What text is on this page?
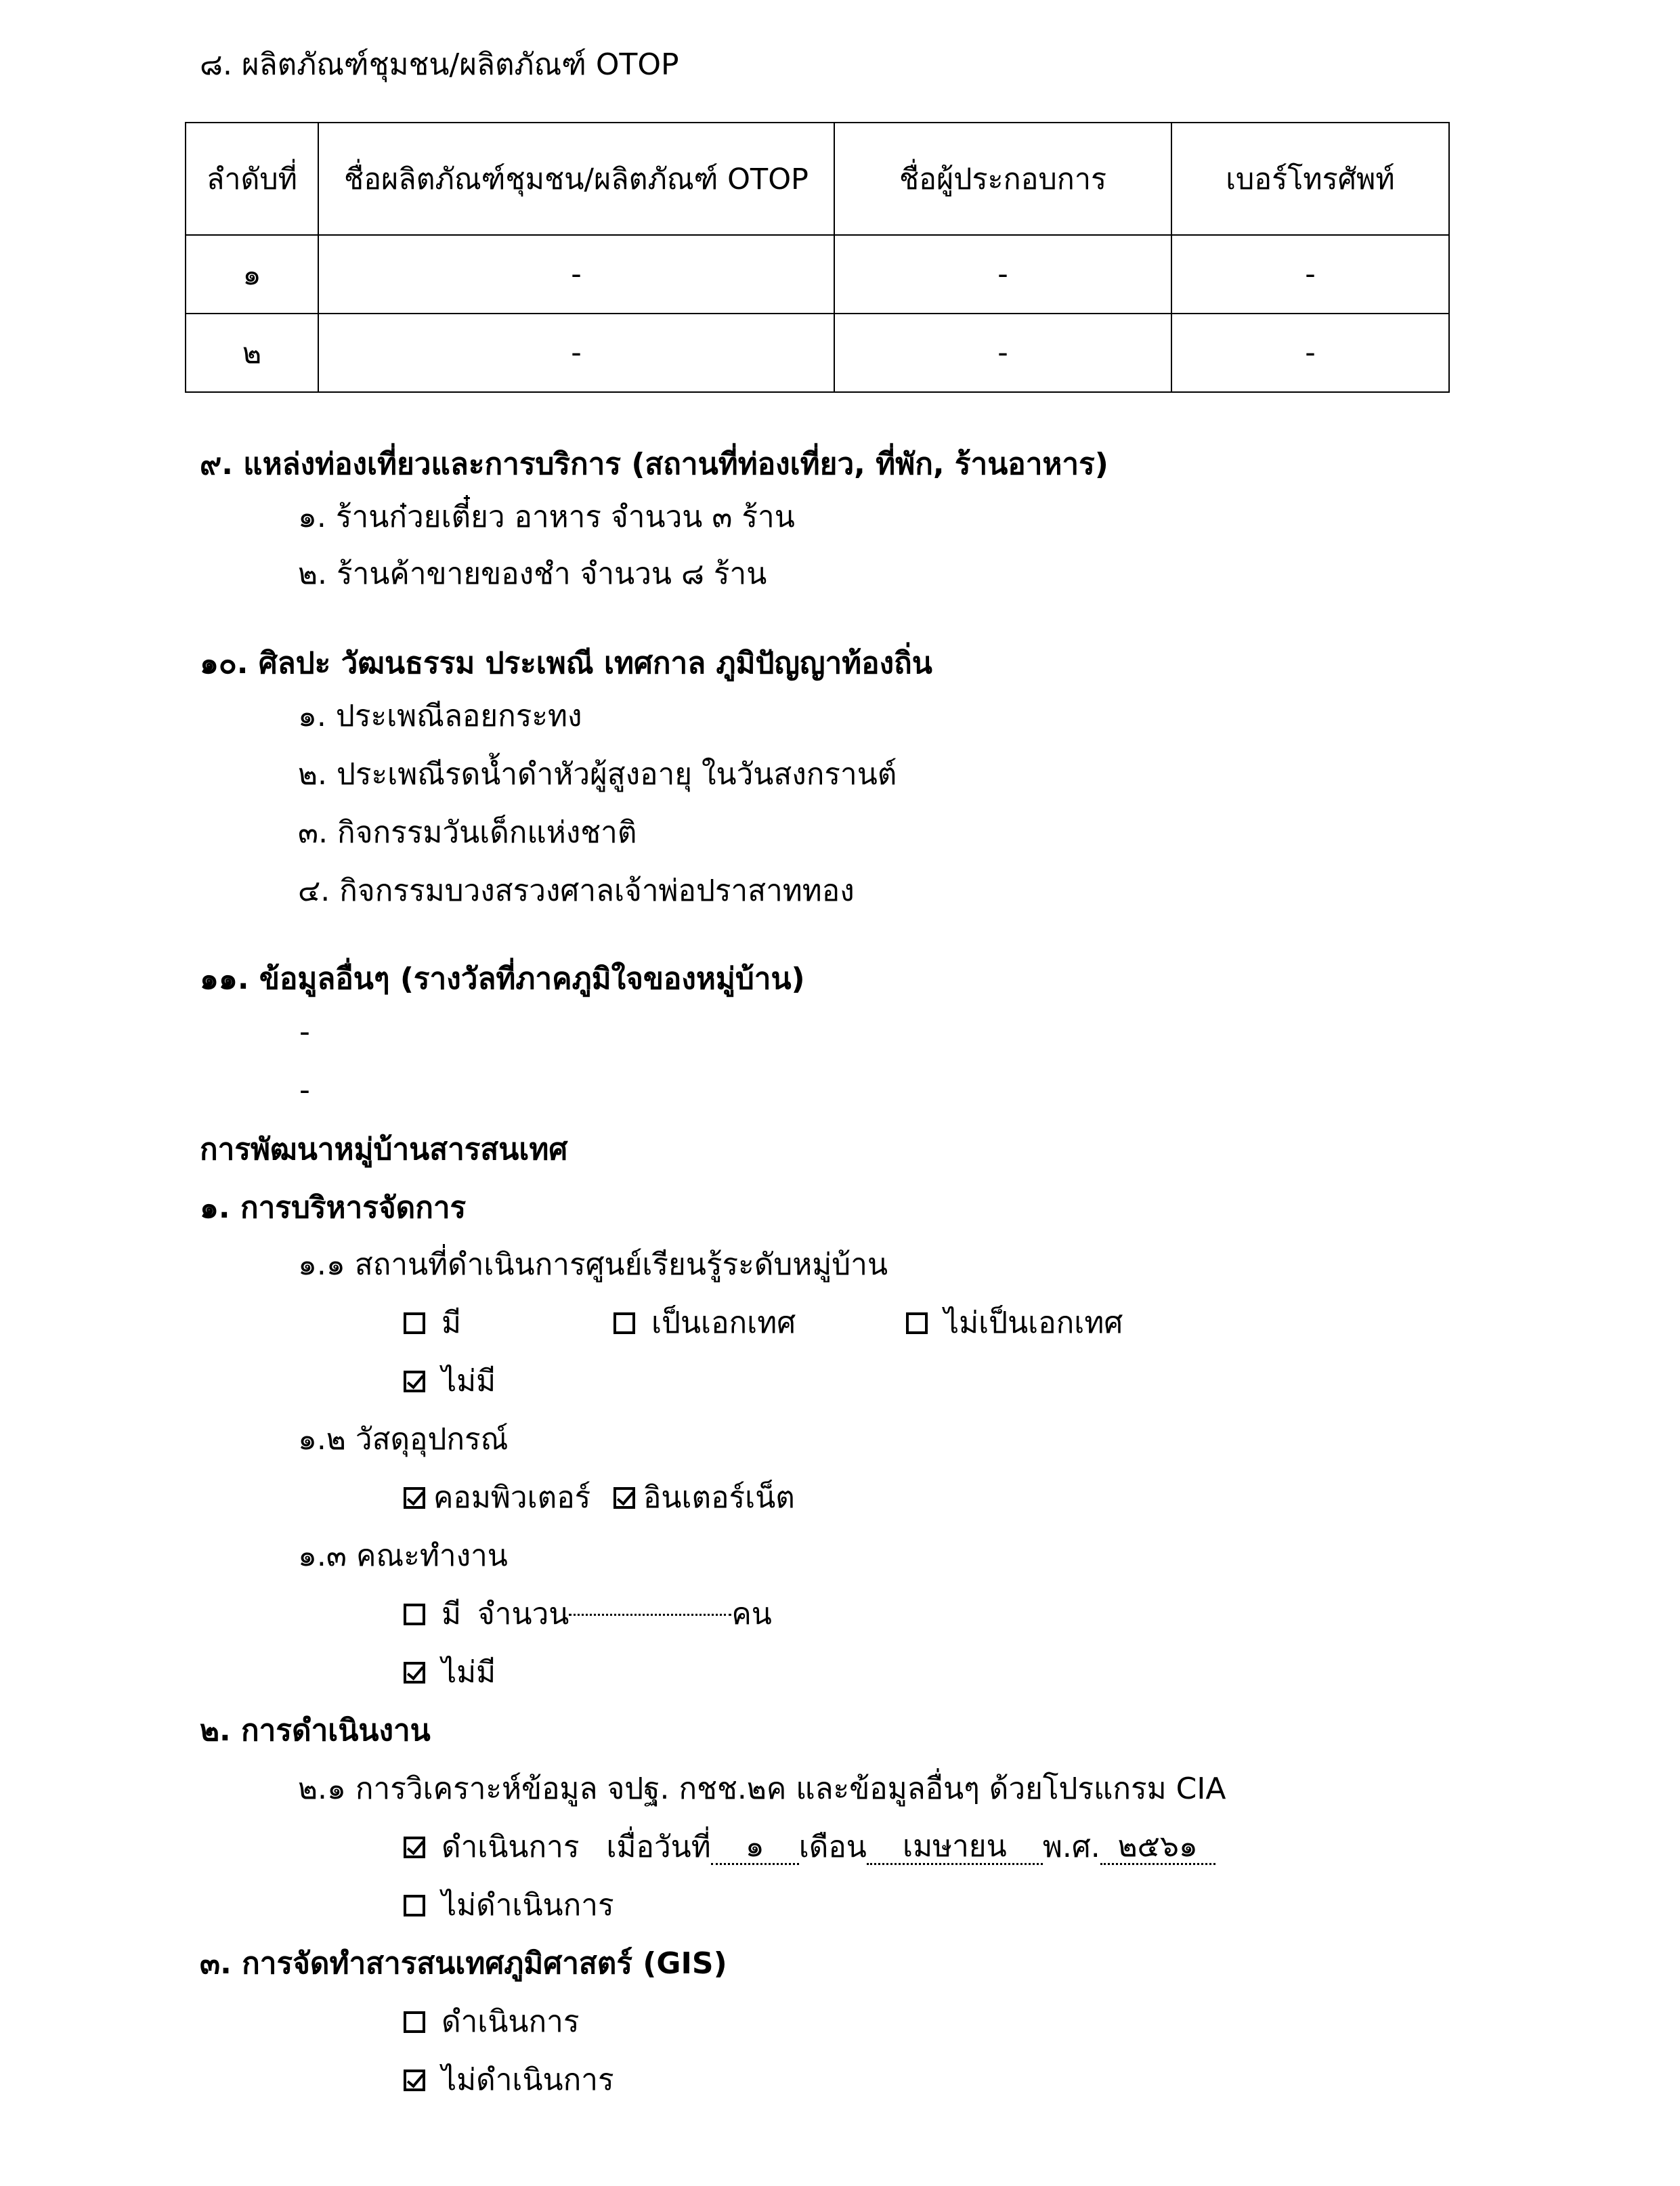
๘. ผลิตภัณฑ์ชุมชน/ผลิตภัณฑ์ OTOP
ลำดับที่	ชื่อผลิตภัณฑ์ชุมชน/ผลิตภัณฑ์ OTOP	ชื่อผู้ประกอบการ	เบอร์โทรศัพท์
๑	-	-	-
๒	-	-	-
๙. แหล่งท่องเที่ยวและการบริการ (สถานที่ท่องเที่ยว, ที่พัก, ร้านอาหาร)
๑. ร้านก๋วยเตี๋ยว อาหาร จำนวน ๓ ร้าน
๒. ร้านค้าขายของชำ จำนวน ๘ ร้าน
๑๐. ศิลปะ วัฒนธรรม ประเพณี เทศกาล ภูมิปัญญาท้องถิ่น
๑. ประเพณีลอยกระทง
๒. ประเพณีรดน้ำดำหัวผู้สูงอายุ ในวันสงกรานต์
๓. กิจกรรมวันเด็กแห่งชาติ
๔. กิจกรรมบวงสรวงศาลเจ้าพ่อปราสาททอง
๑๑. ข้อมูลอื่นๆ (รางวัลที่ภาคภูมิใจของหมู่บ้าน)
-
-
การพัฒนาหมู่บ้านสารสนเทศ
๑. การบริหารจัดการ
๑.๑ สถานที่ดำเนินการศูนย์เรียนรู้ระดับหมู่บ้าน
มี	เป็นเอกเทศ	ไม่เป็นเอกเทศ
ไม่มี
๑.๒ วัสดุอุปกรณ์
คอมพิวเตอร์ อินเตอร์เน็ต
๑.๓ คณะทำงาน
มี จำนวน	คน
ไม่มี
๒. การดำเนินงาน
๒.๑ การวิเคราะห์ข้อมูล จปฐ. กชช.๒ค และข้อมูลอื่นๆ ด้วยโปรแกรม CIA
ดำเนินการ เมื่อวันที่	๑	เดือน	เมษายน	พ.ศ. ๒๕๖๑
ไม่ดำเนินการ
๓. การจัดทำสารสนเทศภูมิศาสตร์ (GIS)
ดำเนินการ
ไม่ดำเนินการ
